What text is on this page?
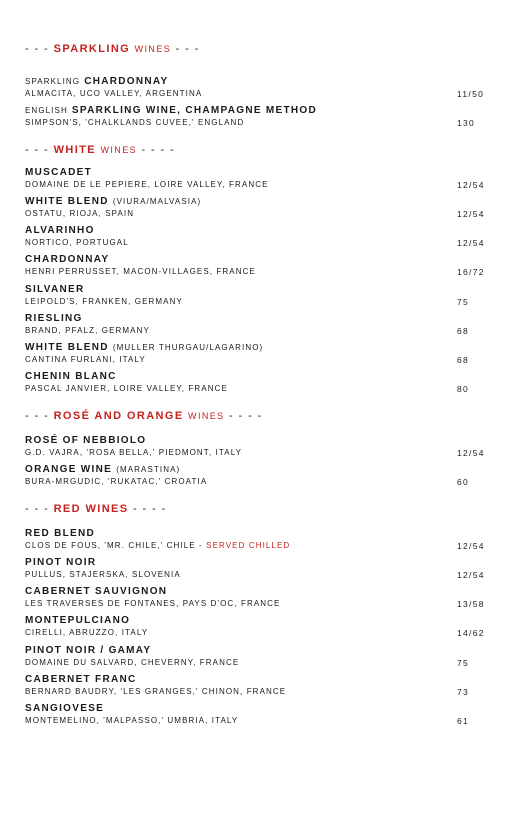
- - - SPARKLING WINES - - -
SPARKLING CHARDONNAY
ALMACITA, UCO VALLEY, ARGENTINA	11/50
ENGLISH SPARKLING WINE, CHAMPAGNE METHOD
SIMPSON'S, 'CHALKLANDS CUVEE,' ENGLAND	130
- - - WHITE WINES - - - -
MUSCADET
DOMAINE DE LE PEPIERE, LOIRE VALLEY, FRANCE	12/54
WHITE BLEND (VIURA/MALVASIA)
OSTATU, RIOJA, SPAIN	12/54
ALVARINHO
NORTICO, PORTUGAL	12/54
CHARDONNAY
HENRI PERRUSSET, MACON-VILLAGES, FRANCE	16/72
SILVANER
LEIPOLD'S, FRANKEN, GERMANY	75
RIESLING
BRAND, PFALZ, GERMANY	68
WHITE BLEND (MULLER THURGAU/LAGARINO)
CANTINA FURLANI, ITALY	68
CHENIN BLANC
PASCAL JANVIER, LOIRE VALLEY, FRANCE	80
- - - ROSÉ AND ORANGE WINES - - - -
ROSÉ OF NEBBIOLO
G.D. VAJRA, 'ROSA BELLA,' PIEDMONT, ITALY	12/54
ORANGE WINE (MARASTINA)
BURA-MRGUDIC, 'RUKATAC,' CROATIA	60
- - - RED WINES - - - -
RED BLEND
CLOS DE FOUS, 'MR. CHILE,' CHILE - SERVED CHILLED	12/54
PINOT NOIR
PULLUS, STAJERSKA, SLOVENIA	12/54
CABERNET SAUVIGNON
LES TRAVERSES DE FONTANES, PAYS D'OC, FRANCE	13/58
MONTEPULCIANO
CIRELLI, ABRUZZO, ITALY	14/62
PINOT NOIR / GAMAY
DOMAINE DU SALVARD, CHEVERNY, FRANCE	75
CABERNET FRANC
BERNARD BAUDRY, 'LES GRANGES,' CHINON, FRANCE	73
SANGIOVESE
MONTEMELINO, 'MALPASSO,' UMBRIA, ITALY	61
